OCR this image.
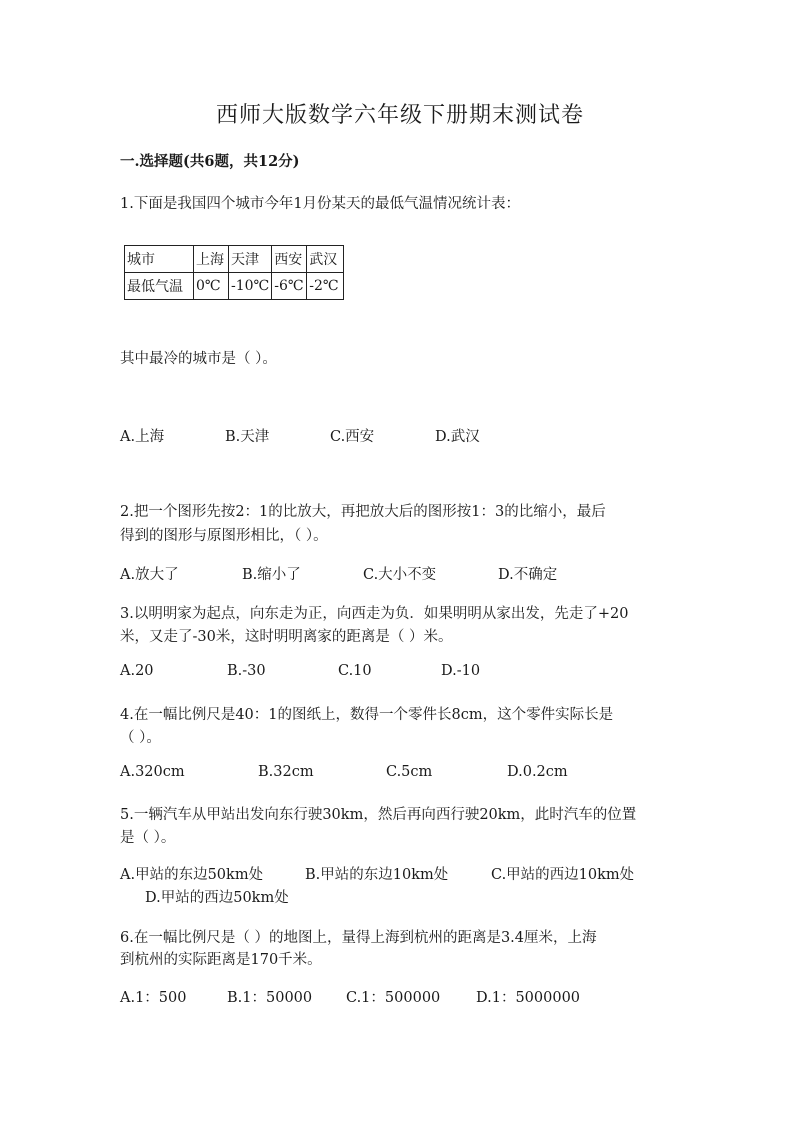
西师大版数学六年级下册期末测试卷
一.选择题(共6题，共12分)
1.下面是我国四个城市今年1月份某天的最低气温情况统计表：
城市	上海	天津	西安	武汉
最低气温	0℃	-10℃	-6℃	-2℃
其中最冷的城市是（ ）。
A.上海	B.天津	C.西安	D.武汉
2.把一个图形先按2：1的比放大，再把放大后的图形按1：3的比缩小，最后
得到的图形与原图形相比，（ ）。
A.放大了	B.缩小了	C.大小不变	D.不确定
3.以明明家为起点，向东走为正，向西走为负．如果明明从家出发，先走了+20
米，又走了-30米，这时明明离家的距离是（ ）米。
A.20	B.-30	C.10	D.-10
4.在一幅比例尺是40：1的图纸上，数得一个零件长8cm，这个零件实际长是
（ ）。
A.320cm	B.32cm	C.5cm	D.0.2cm
5.一辆汽车从甲站出发向东行驶30km，然后再向西行驶20km，此时汽车的位置
是（ ）。
A.甲站的东边50km处	B.甲站的东边10km处	C.甲站的西边10km处
D.甲站的西边50km处
6.在一幅比例尺是（ ）的地图上，量得上海到杭州的距离是3.4厘米，上海
到杭州的实际距离是170千米。
A.1：500	B.1：50000 C.1：500000 D.1：5000000
